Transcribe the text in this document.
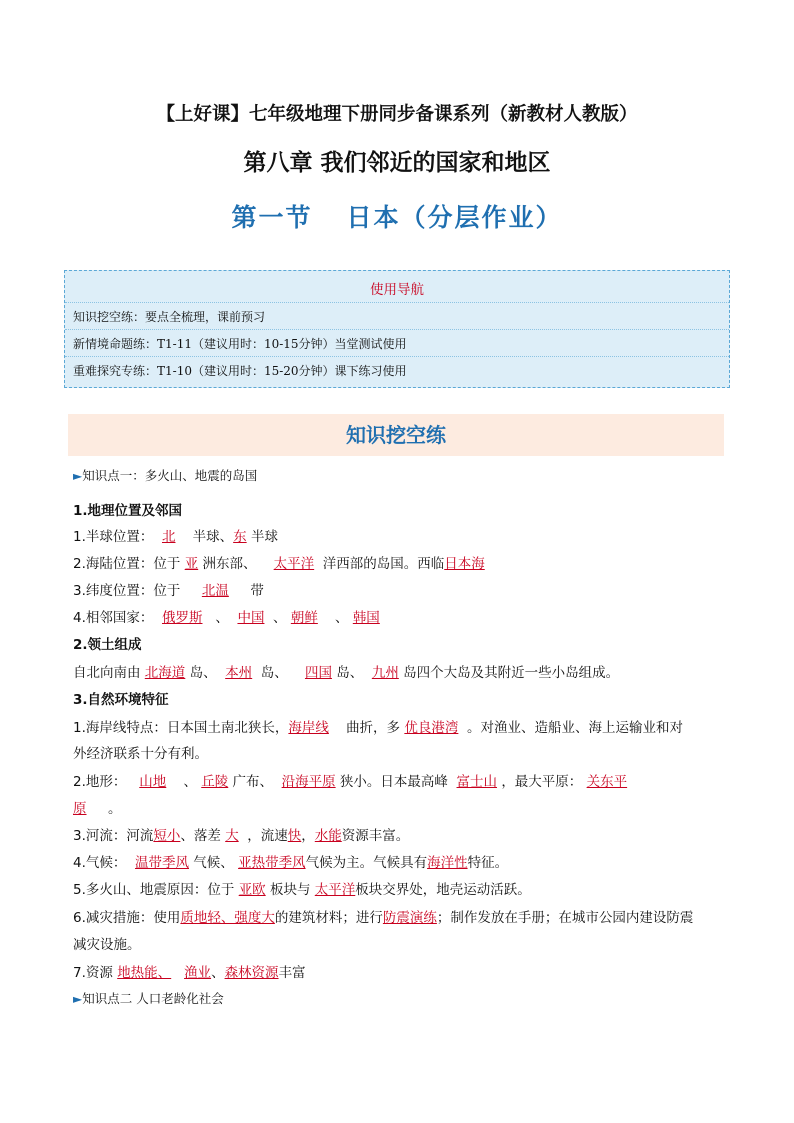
【上好课】七年级地理下册同步备课系列（新教材人教版）
第八章 我们邻近的国家和地区
第一节 日本（分层作业）
使用导航
知识挖空练：要点全梳理，课前预习
新情境命题练：T1-11（建议用时：10-15分钟）当堂测试使用
重难探究专练：T1-10（建议用时：15-20分钟）课下练习使用
知识挖空练
►知识点一：多火山、地震的岛国
1.地理位置及邻国
1.半球位置： 北 半球、东 半球
2.海陆位置：位于 亚 洲东部、 太平洋 洋西部的岛国。西临日本海
3.纬度位置：位于 北温 带
4.相邻国家： 俄罗斯 、 中国 、 朝鲜 、 韩国
2.领土组成
自北向南由 北海道 岛、 本州 岛、 四国 岛、 九州 岛四个大岛及其附近一些小岛组成。
3.自然环境特征
1.海岸线特点：日本国土南北狭长，海岸线 曲折，多 优良港湾 。对渔业、造船业、海上运输业和对
外经济联系十分有利。
2.地形： 山地 、 丘陵 广布、 沿海平原 狭小。日本最高峰 富士山 ，最大平原： 关东平
原 。
3.河流：河流短小、落差 大 ，流速快，水能资源丰富。
4.气候： 温带季风 气候、 亚热带季风气候为主。气候具有海洋性特征。
5.多火山、地震原因：位于 亚欧 板块与 太平洋板块交界处，地壳运动活跃。
6.减灾措施：使用质地轻、强度大的建筑材料；进行防震演练；制作发放在手册；在城市公园内建设防震
减灾设施。
7.资源 地热能、 渔业、森林资源丰富
►知识点二 人口老龄化社会
